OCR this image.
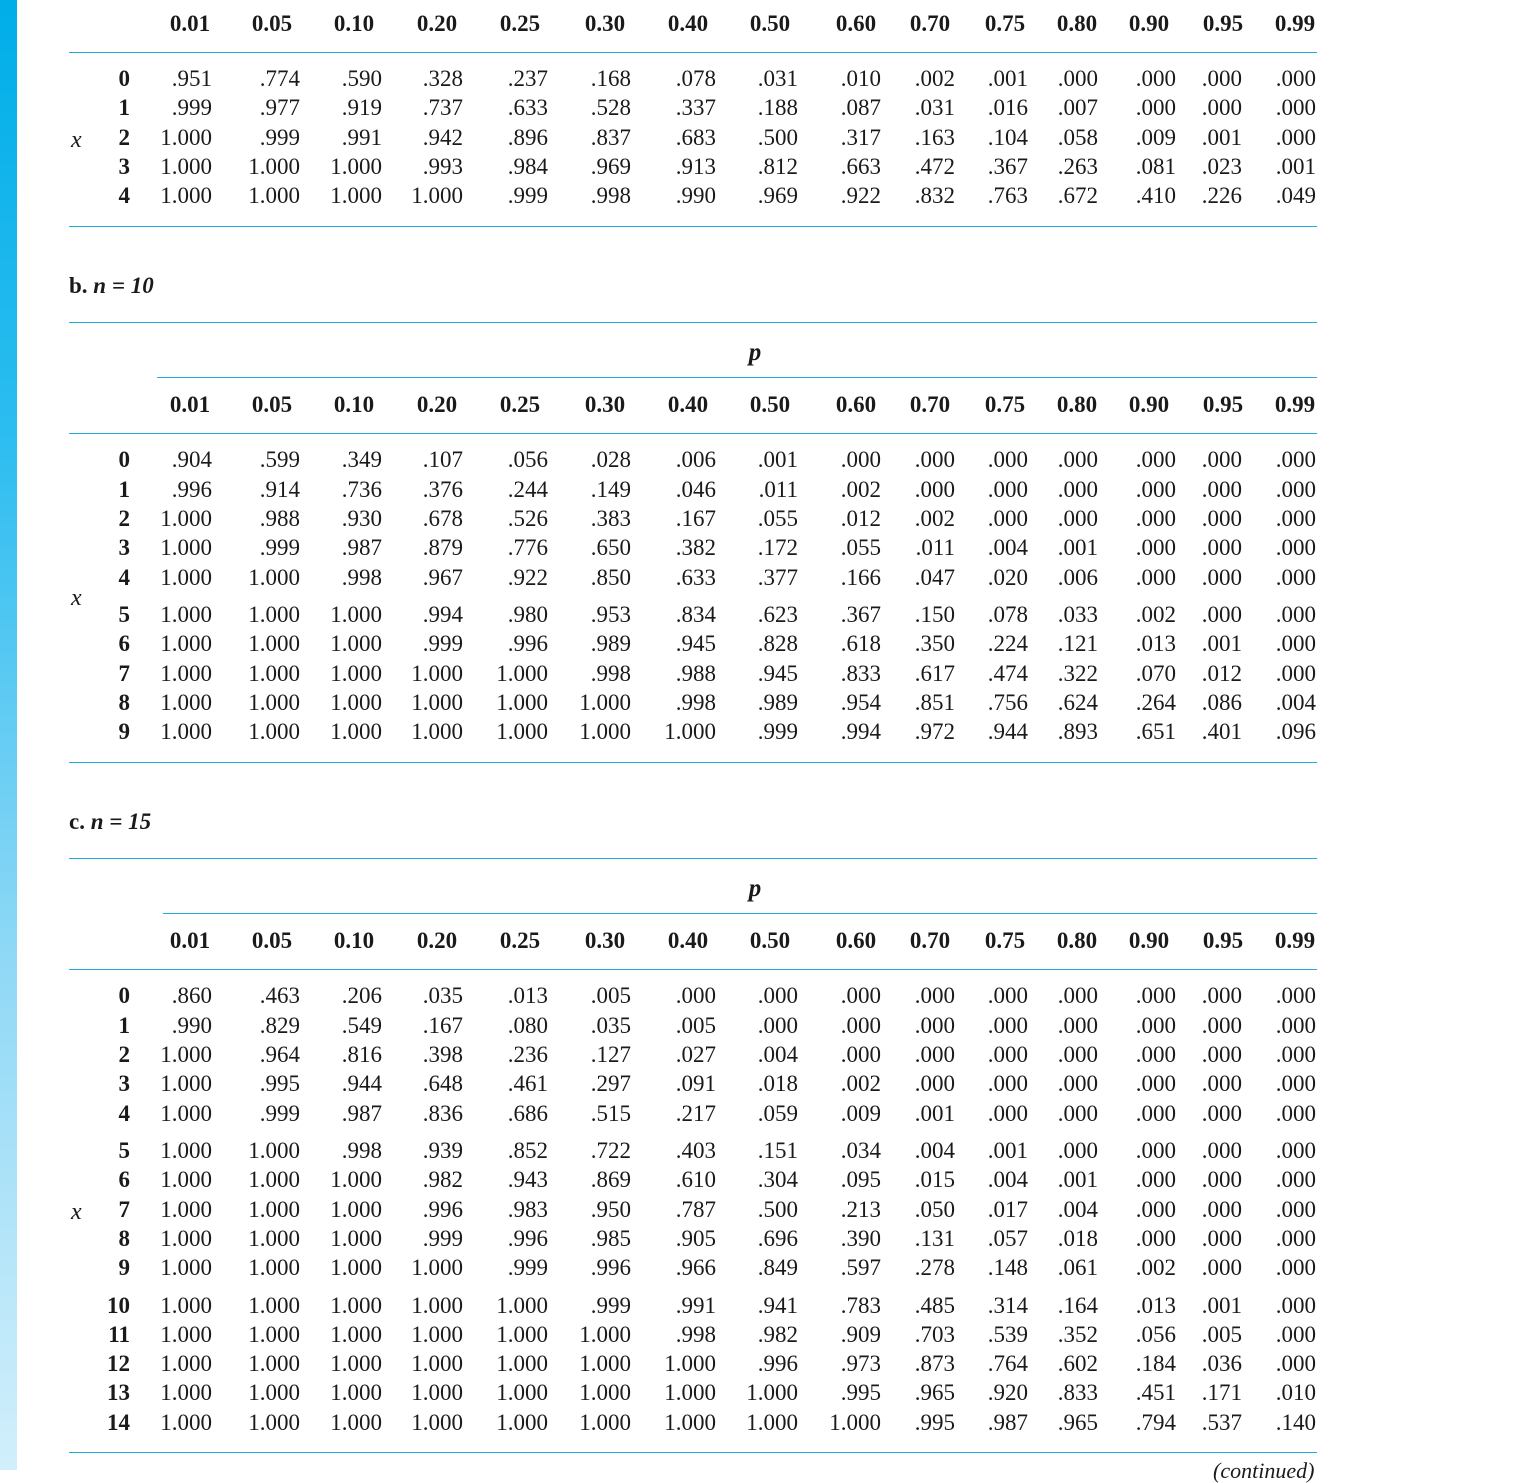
0.01 0.05 0.10 0.20 0.25 0.30 0.40 0.50 0.60 0.70 0.75 0.80 0.90 0.95 0.99
x
0 .951 .774 .590 .328 .237 .168 .078 .031 .010 .002 .001 .000 .000 .000 .000
1 .999 .977 .919 .737 .633 .528 .337 .188 .087 .031 .016 .007 .000 .000 .000
2 1.000 .999 .991 .942 .896 .837 .683 .500 .317 .163 .104 .058 .009 .001 .000
3 1.000 1.000 1.000 .993 .984 .969 .913 .812 .663 .472 .367 .263 .081 .023 .001
4 1.000 1.000 1.000 1.000 .999 .998 .990 .969 .922 .832 .763 .672 .410 .226 .049
b. n = 10
p
0.01 0.05 0.10 0.20 0.25 0.30 0.40 0.50 0.60 0.70 0.75 0.80 0.90 0.95 0.99
x
0 .904 .599 .349 .107 .056 .028 .006 .001 .000 .000 .000 .000 .000 .000 .000
1 .996 .914 .736 .376 .244 .149 .046 .011 .002 .000 .000 .000 .000 .000 .000
2 1.000 .988 .930 .678 .526 .383 .167 .055 .012 .002 .000 .000 .000 .000 .000
3 1.000 .999 .987 .879 .776 .650 .382 .172 .055 .011 .004 .001 .000 .000 .000
4 1.000 1.000 .998 .967 .922 .850 .633 .377 .166 .047 .020 .006 .000 .000 .000
5 1.000 1.000 1.000 .994 .980 .953 .834 .623 .367 .150 .078 .033 .002 .000 .000
6 1.000 1.000 1.000 .999 .996 .989 .945 .828 .618 .350 .224 .121 .013 .001 .000
7 1.000 1.000 1.000 1.000 1.000 .998 .988 .945 .833 .617 .474 .322 .070 .012 .000
8 1.000 1.000 1.000 1.000 1.000 1.000 .998 .989 .954 .851 .756 .624 .264 .086 .004
9 1.000 1.000 1.000 1.000 1.000 1.000 1.000 .999 .994 .972 .944 .893 .651 .401 .096
c. n = 15
p
0.01 0.05 0.10 0.20 0.25 0.30 0.40 0.50 0.60 0.70 0.75 0.80 0.90 0.95 0.99
x
0 .860 .463 .206 .035 .013 .005 .000 .000 .000 .000 .000 .000 .000 .000 .000
1 .990 .829 .549 .167 .080 .035 .005 .000 .000 .000 .000 .000 .000 .000 .000
2 1.000 .964 .816 .398 .236 .127 .027 .004 .000 .000 .000 .000 .000 .000 .000
3 1.000 .995 .944 .648 .461 .297 .091 .018 .002 .000 .000 .000 .000 .000 .000
4 1.000 .999 .987 .836 .686 .515 .217 .059 .009 .001 .000 .000 .000 .000 .000
5 1.000 1.000 .998 .939 .852 .722 .403 .151 .034 .004 .001 .000 .000 .000 .000
6 1.000 1.000 1.000 .982 .943 .869 .610 .304 .095 .015 .004 .001 .000 .000 .000
7 1.000 1.000 1.000 .996 .983 .950 .787 .500 .213 .050 .017 .004 .000 .000 .000
8 1.000 1.000 1.000 .999 .996 .985 .905 .696 .390 .131 .057 .018 .000 .000 .000
9 1.000 1.000 1.000 1.000 .999 .996 .966 .849 .597 .278 .148 .061 .002 .000 .000
10 1.000 1.000 1.000 1.000 1.000 .999 .991 .941 .783 .485 .314 .164 .013 .001 .000
11 1.000 1.000 1.000 1.000 1.000 1.000 .998 .982 .909 .703 .539 .352 .056 .005 .000
12 1.000 1.000 1.000 1.000 1.000 1.000 1.000 .996 .973 .873 .764 .602 .184 .036 .000
13 1.000 1.000 1.000 1.000 1.000 1.000 1.000 1.000 .995 .965 .920 .833 .451 .171 .010
14 1.000 1.000 1.000 1.000 1.000 1.000 1.000 1.000 1.000 .995 .987 .965 .794 .537 .140
(continued)
